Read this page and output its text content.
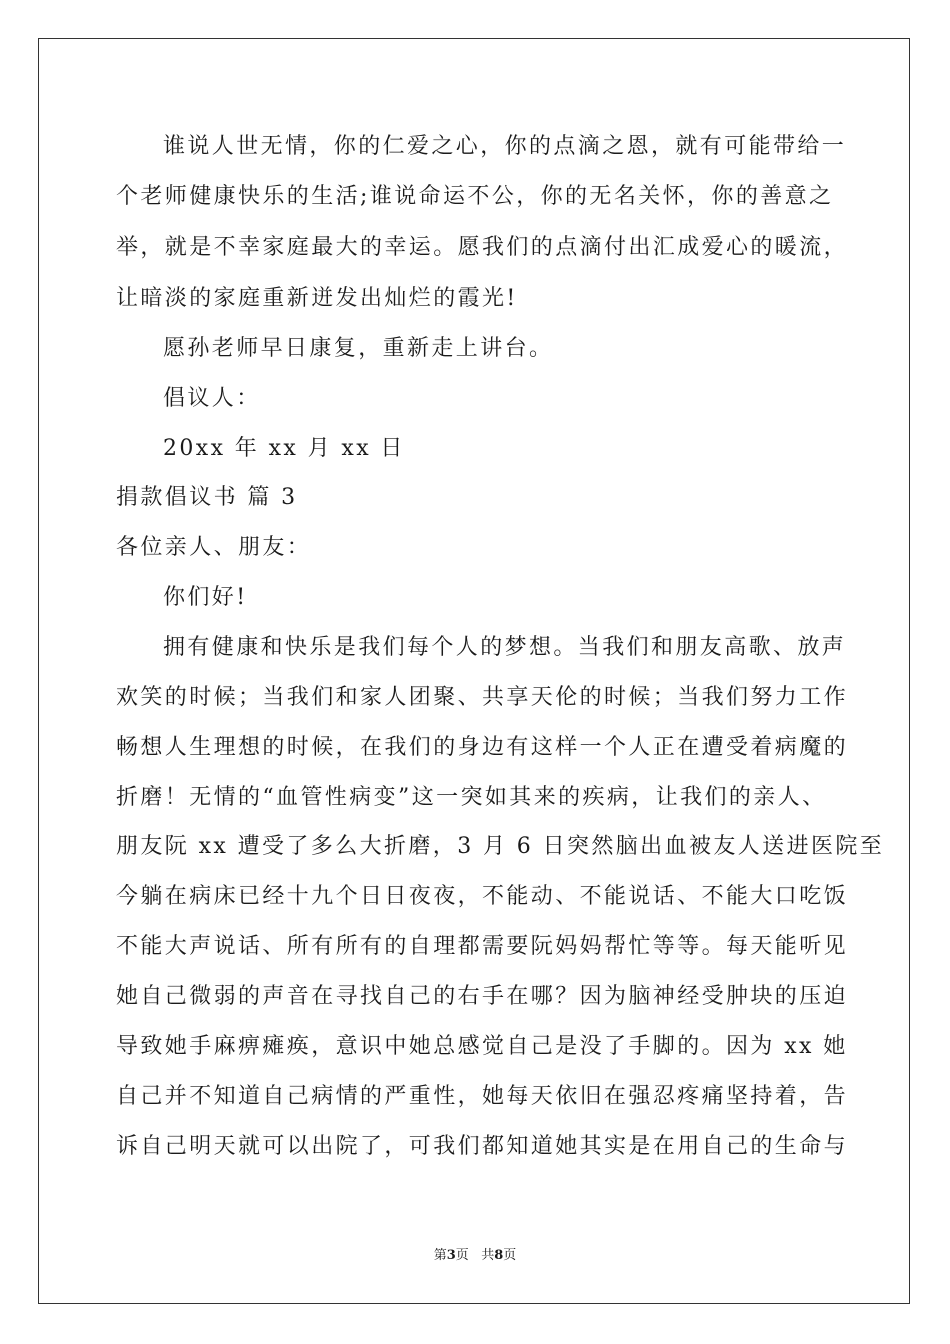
谁说人世无情，你的仁爱之心，你的点滴之恩，就有可能带给一
个老师健康快乐的生活;谁说命运不公，你的无名关怀，你的善意之
举，就是不幸家庭最大的幸运。愿我们的点滴付出汇成爱心的暖流，
让暗淡的家庭重新迸发出灿烂的霞光!
愿孙老师早日康复，重新走上讲台。
倡议人：
20xx 年 xx 月 xx 日
捐款倡议书 篇 3
各位亲人、朋友：
你们好!
拥有健康和快乐是我们每个人的梦想。当我们和朋友高歌、放声
欢笑的时候；当我们和家人团聚、共享天伦的时候；当我们努力工作
畅想人生理想的时候，在我们的身边有这样一个人正在遭受着病魔的
折磨！无情的“血管性病变”这一突如其来的疾病，让我们的亲人、
朋友阮 xx 遭受了多么大折磨，3 月 6 日突然脑出血被友人送进医院至
今躺在病床已经十九个日日夜夜，不能动、不能说话、不能大口吃饭
不能大声说话、所有所有的自理都需要阮妈妈帮忙等等。每天能听见
她自己微弱的声音在寻找自己的右手在哪？因为脑神经受肿块的压迫
导致她手麻痹瘫痪，意识中她总感觉自己是没了手脚的。因为 xx 她
自己并不知道自己病情的严重性，她每天依旧在强忍疼痛坚持着，告
诉自己明天就可以出院了，可我们都知道她其实是在用自己的生命与
第3页   共8页
